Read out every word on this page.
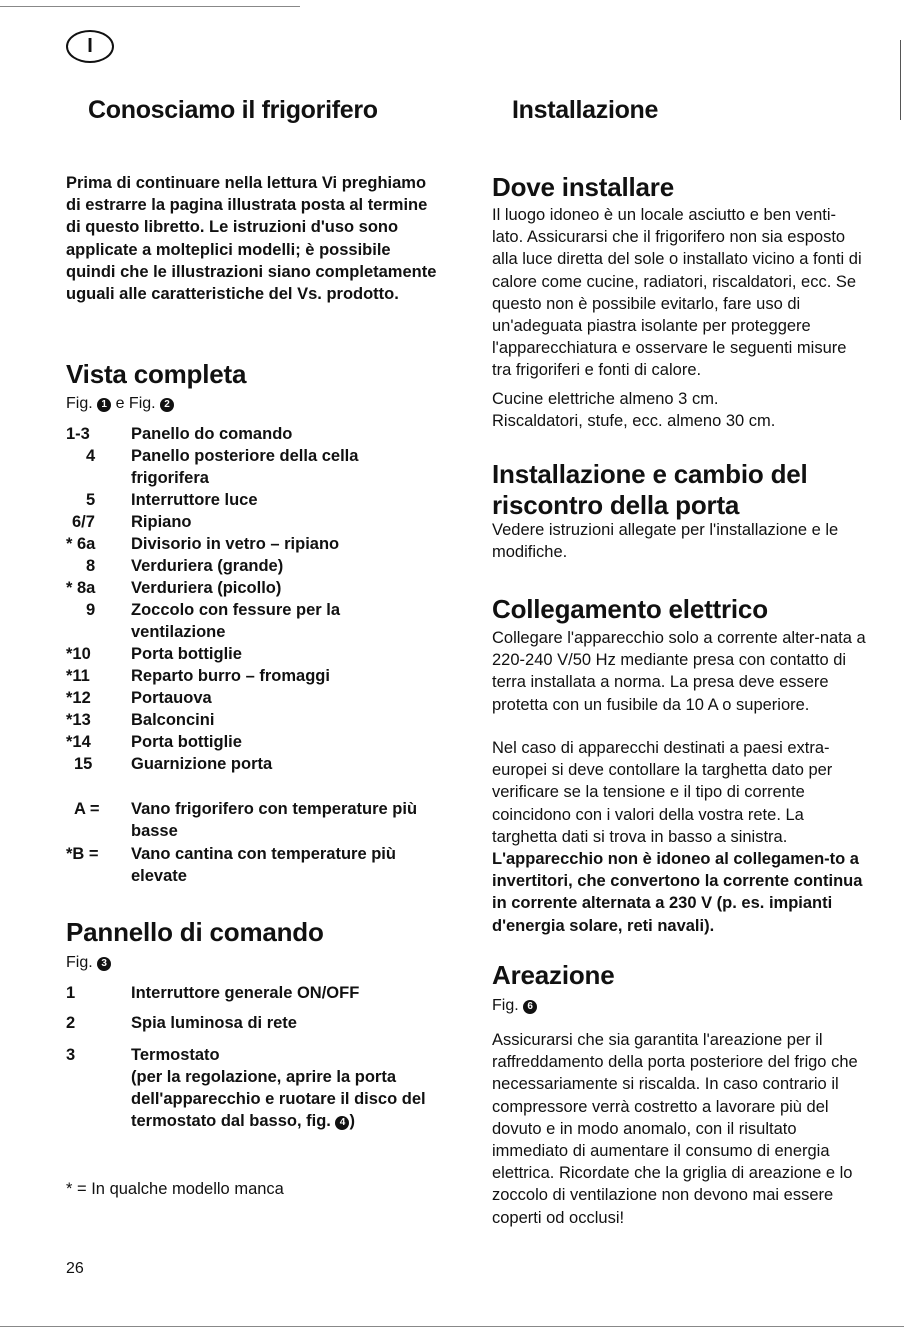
I
Conosciamo il frigorifero
Prima di continuare nella lettura Vi preghiamo di estrarre la pagina illustrata posta al termine di questo libretto. Le istruzioni d'uso sono applicate a molteplici modelli; è possibile quindi che le illustrazioni siano completamente uguali alle caratteristiche del Vs. prodotto.
Vista completa
Fig. 1 e Fig. 2
1-3	Panello do comando
4	Panello posteriore della cella frigorifera
5	Interruttore luce
6/7	Ripiano
* 6a	Divisorio in vetro – ripiano
8	Verduriera (grande)
* 8a	Verduriera (picollo)
9	Zoccolo con fessure per la ventilazione
*10	Porta bottiglie
*11	Reparto burro – fromaggi
*12	Portauova
*13	Balconcini
*14	Porta bottiglie
15	Guarnizione porta
A =	Vano frigorifero con temperature più basse
*B =	Vano cantina con temperature più elevate
Pannello di comando
Fig. 3
1	Interruttore generale ON/OFF
2	Spia luminosa di rete
3	Termostato
(per la regolazione, aprire la porta dell'apparecchio e ruotare il disco del termostato dal basso, fig. 4 )
* = In qualche modello manca
26
Installazione
Dove installare
Il luogo idoneo è un locale asciutto e ben venti-lato. Assicurarsi che il frigorifero non sia esposto alla luce diretta del sole o installato vicino a fonti di calore come cucine, radiatori, riscaldatori, ecc. Se questo non è possibile evitarlo, fare uso di un'adeguata piastra isolante per proteggere l'apparecchiatura e osservare le seguenti misure tra frigoriferi e fonti di calore.
Cucine elettriche almeno 3 cm.
Riscaldatori, stufe, ecc. almeno 30 cm.
Installazione e cambio del riscontro della porta
Vedere istruzioni allegate per l'installazione e le modifiche.
Collegamento elettrico
Collegare l'apparecchio solo a corrente alter-nata a 220-240 V/50 Hz mediante presa con contatto di terra installata a norma. La presa deve essere protetta con un fusibile da 10 A o superiore.
Nel caso di apparecchi destinati a paesi extra-europei si deve contollare la targhetta dato per verificare se la tensione e il tipo di corrente coincidono con i valori della vostra rete. La targhetta dati si trova in basso a sinistra.
L'apparecchio non è idoneo al collegamen-to a invertitori, che convertono la corrente continua in corrente alternata a 230 V (p. es. impianti d'energia solare, reti navali).
Areazione
Fig. 6
Assicurarsi che sia garantita l'areazione per il raffreddamento della porta posteriore del frigo che necessariamente si riscalda. In caso contrario il compressore verrà costretto a lavorare più del dovuto e in modo anomalo, con il risultato immediato di aumentare il consumo di energia elettrica. Ricordate che la griglia di areazione e lo zoccolo di ventilazione non devono mai essere coperti od occlusi!
